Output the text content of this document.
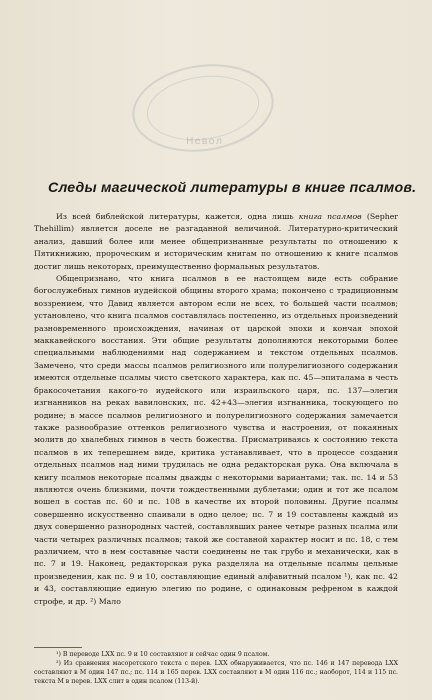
Невол
Следы магической литературы в книге псалмов.

Из всей библейской литературы, кажется, одна лишь книга псалмов (Sepher Thehillim) является доселе не разгаданной величиной. Литературно-критический анализ, давший более или менее общепризнанные результаты по отношению к Пятикнижию, пророческим и историческим книгам по отношению к книге псалмов достиг лишь некоторых, преимущественно формальных результатов.

Общепризнано, что книга псалмов в ее настоящем виде есть собрание богослужебных гимнов иудейской общины второго храма; покончено с традиционным воззрением, что Давид является автором если не всех, то большей части псалмов; установлено, что книга псалмов составлялась постепенно, из отдельных произведений разновременного происхождения, начиная от царской эпохи и кончая эпохой маккавейского восстания. Эти общие результаты дополняются некоторыми более специальными наблюдениями над содержанием и текстом отдельных псалмов. Замечено, что среди массы псалмов религиозного или полурелигиозного содержания имеются отдельные псалмы чисто светского характера, как пс. 45—эпиталама в честь бракосочетания какого-то иудейского или израильского царя, пс. 137—элегия изгнанников на реках вавилонских, пс. 42+43—элегия изгнанника, тоскующего по родине; в массе псалмов религиозного и полурелигиозного содержания замечается также разнообразие оттенков религиозного чувства и настроения, от покаянных молитв до хвалебных гимнов в честь божества. Присматриваясь к состоянию текста псалмов в их теперешнем виде, критика устанавливает, что в процессе создания отдельных псалмов над ними трудилась не одна редакторская рука. Она включала в книгу псалмов некоторые псалмы дважды с некоторыми вариантами; так. пс. 14 и 53 являются очень близкими, почти тождественными дублетами; один и тот же псалом вошел в состав пс. 60 и пс. 108 в качестве их второй половины. Другие псалмы совершенно искусственно спаивали в одно целое; пс. 7 и 19 составлены каждый из двух совершенно разнородных частей, составлявших ранее четыре разных псалма или части четырех различных псалмов; такой же составной характер носит и пс. 18, с тем различием, что в нем составные части соединены не так грубо и механически, как в пс. 7 и 19. Наконец, редакторская рука разделяла на отдельные псалмы цельные произведения, как пс. 9 и 10, составляющие единый алфавитный псалом ¹), как пс. 42 и 43, составляющие единую элегию по родине, с одинаковым рефреном в каждой строфе, и др. ²) Мало

¹) В переводе LXX пс. 9 и 10 составляют и сейчас один 9 псалом.

²) Из сравнения масоретского текста с перев. LXX обнаруживается, что пс. 146 и 147 перевода LXX составляют в М один 147 пс.; пс. 114 и 165 перев. LXX составляют в М один 116 пс.; наоборот, 114 и 115 пс. текста М в перев. LXX слит в один псалом (113-й).
